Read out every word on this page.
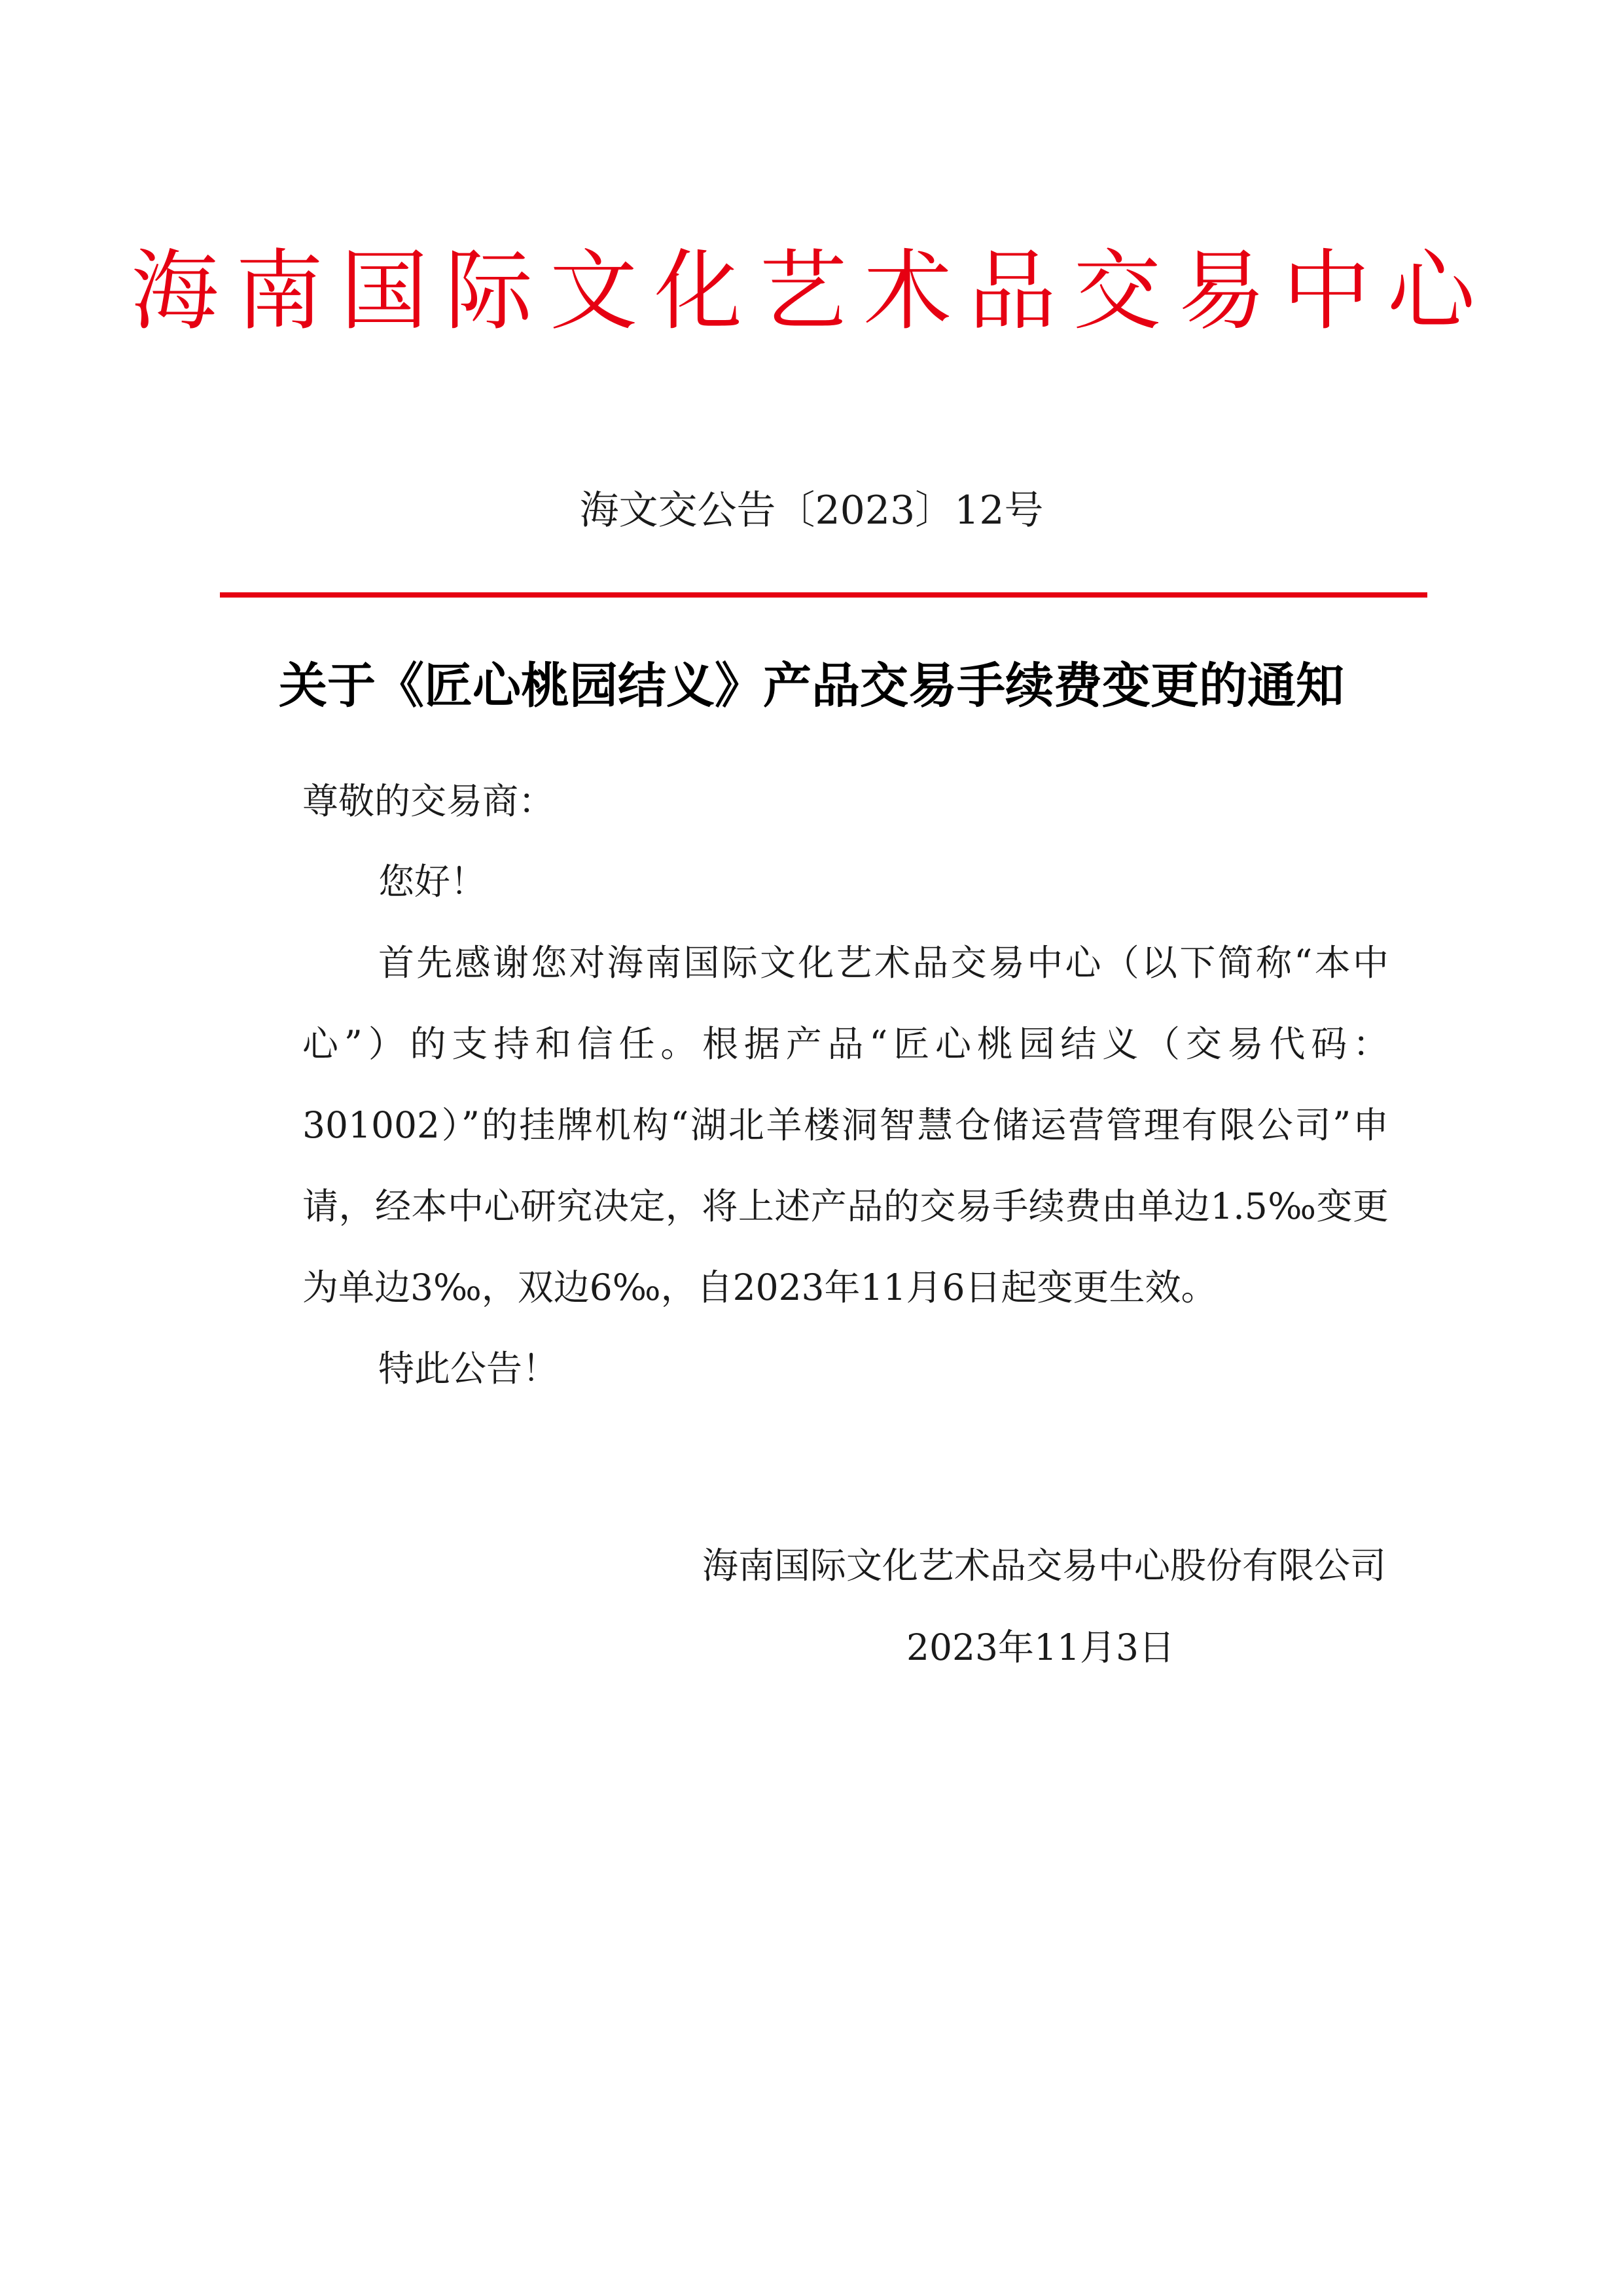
海南国际文化艺术品交易中心
海文交公告〔2023〕12号
关于《匠心桃园结义》产品交易手续费变更的通知
尊敬的交易商：
您好！
首先感谢您对海南国际文化艺术品交易中心（以下简称“本中心”）的支持和信任。根据产品“匠心桃园结义（交易代码：301002）”的挂牌机构“湖北羊楼洞智慧仓储运营管理有限公司”申请，经本中心研究决定，将上述产品的交易手续费由单边1.5‰变更为单边3‰，双边6‰，自2023年11月6日起变更生效。
特此公告！
海南国际文化艺术品交易中心股份有限公司
2023年11月3日
